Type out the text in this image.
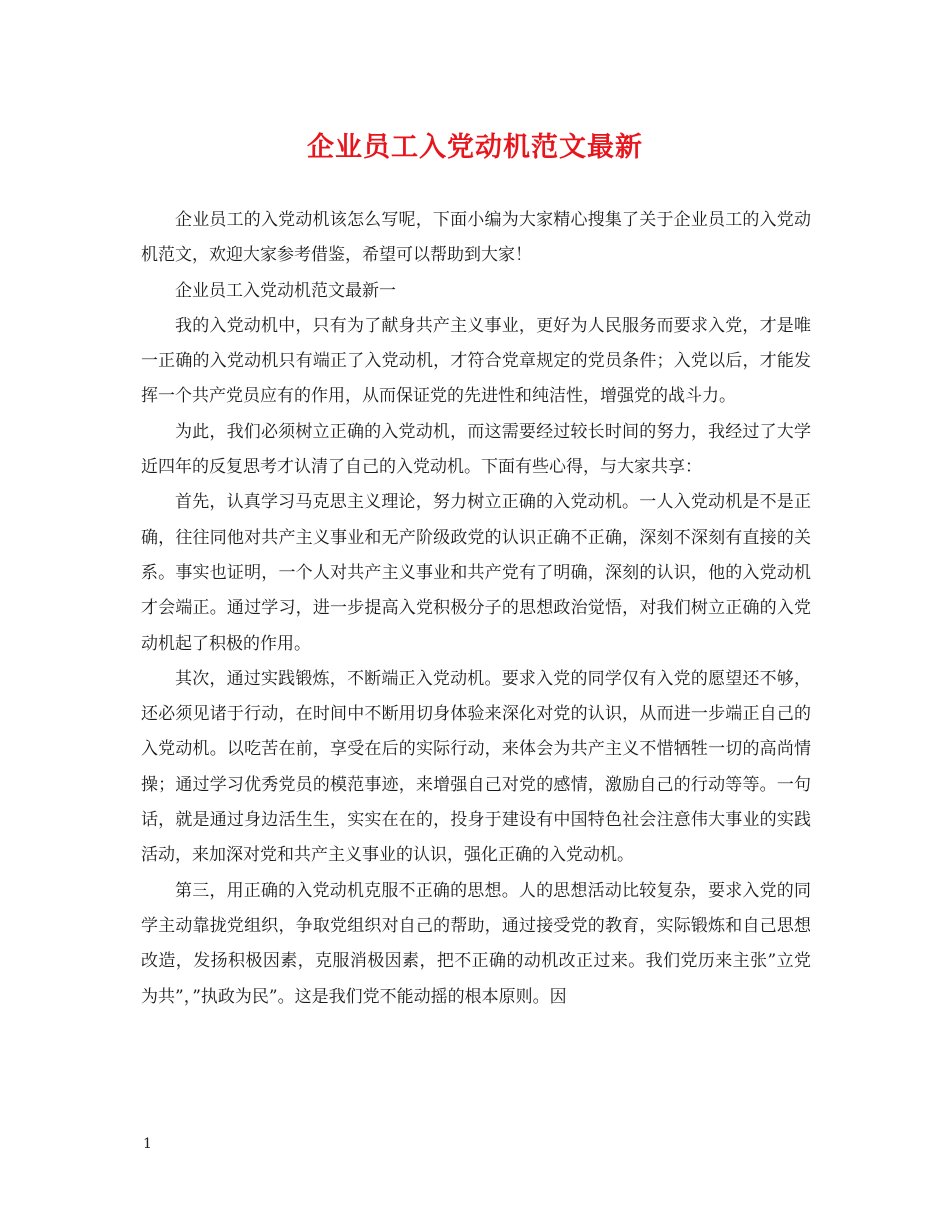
企业员工入党动机范文最新

企业员工的入党动机该怎么写呢，下面小编为大家精心搜集了关于企业员工的入党动机范文，欢迎大家参考借鉴，希望可以帮助到大家！

企业员工入党动机范文最新一

我的入党动机中，只有为了献身共产主义事业，更好为人民服务而要求入党，才是唯一正确的入党动机只有端正了入党动机，才符合党章规定的党员条件；入党以后，才能发挥一个共产党员应有的作用，从而保证党的先进性和纯洁性，增强党的战斗力。

为此，我们必须树立正确的入党动机，而这需要经过较长时间的努力，我经过了大学近四年的反复思考才认清了自己的入党动机。下面有些心得，与大家共享：

首先，认真学习马克思主义理论，努力树立正确的入党动机。一人入党动机是不是正确，往往同他对共产主义事业和无产阶级政党的认识正确不正确，深刻不深刻有直接的关系。事实也证明，一个人对共产主义事业和共产党有了明确，深刻的认识，他的入党动机才会端正。通过学习，进一步提高入党积极分子的思想政治觉悟，对我们树立正确的入党动机起了积极的作用。

其次，通过实践锻炼，不断端正入党动机。要求入党的同学仅有入党的愿望还不够，还必须见诸于行动，在时间中不断用切身体验来深化对党的认识，从而进一步端正自己的入党动机。以吃苦在前，享受在后的实际行动，来体会为共产主义不惜牺牲一切的高尚情操；通过学习优秀党员的模范事迹，来增强自己对党的感情，激励自己的行动等等。一句话，就是通过身边活生生，实实在在的，投身于建设有中国特色社会注意伟大事业的实践活动，来加深对党和共产主义事业的认识，强化正确的入党动机。

第三，用正确的入党动机克服不正确的思想。人的思想活动比较复杂，要求入党的同学主动靠拢党组织，争取党组织对自己的帮助，通过接受党的教育，实际锻炼和自己思想改造，发扬积极因素，克服消极因素，把不正确的动机改正过来。我们党历来主张”立党为共”，”执政为民”。这是我们党不能动摇的根本原则。因

1
